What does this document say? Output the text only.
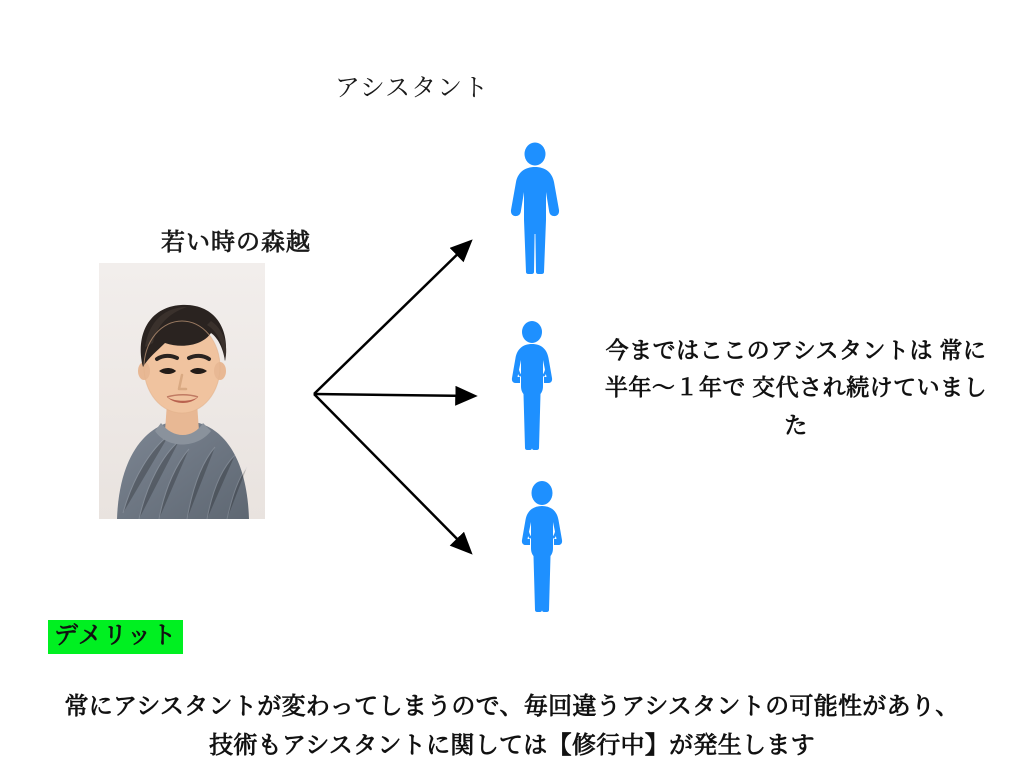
アシスタント
若い時の森越
今まではここのアシスタントは 常に半年〜１年で 交代され続けていました
デメリット
常にアシスタントが変わってしまうので、毎回違うアシスタントの可能性があり、
技術もアシスタントに関しては【修行中】が発生します
